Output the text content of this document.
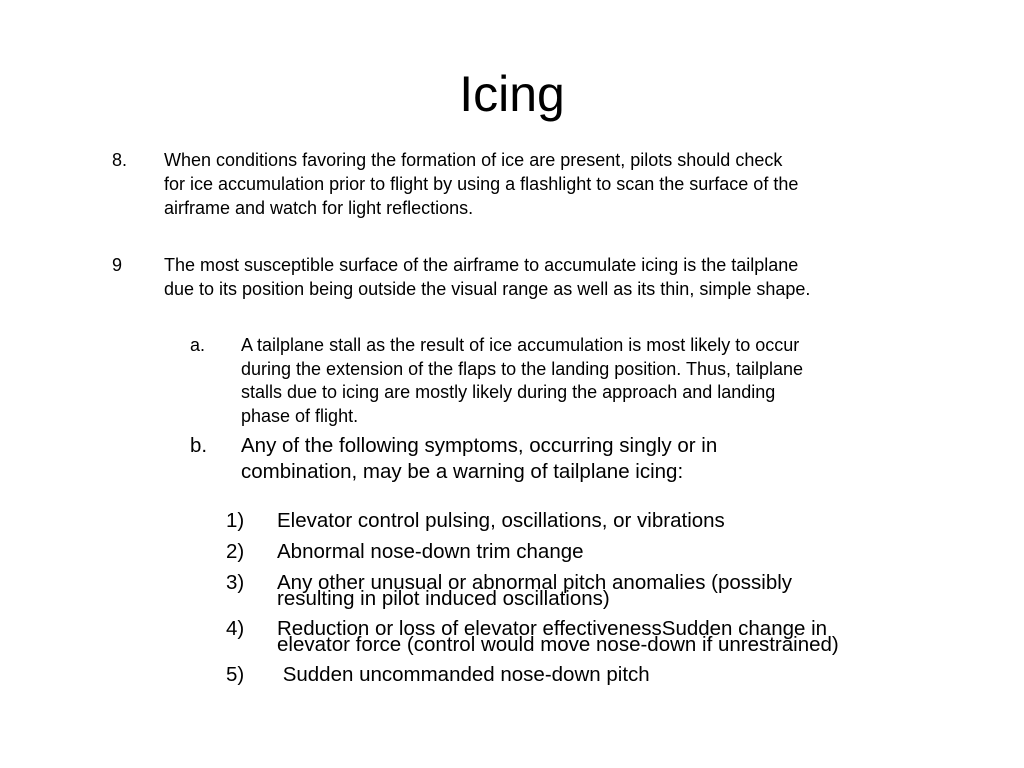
Icing
8. When conditions favoring the formation of ice are present, pilots should check
for ice accumulation prior to flight by using a flashlight to scan the surface of the
airframe and watch for light reflections.
9 The most susceptible surface of the airframe to accumulate icing is the tailplane
due to its position being outside the visual range as well as its thin, simple shape.
a. A tailplane stall as the result of ice accumulation is most likely to occur
during the extension of the flaps to the landing position. Thus, tailplane
stalls due to icing are mostly likely during the approach and landing
phase of flight.
b. Any of the following symptoms, occurring singly or in
combination, may be a warning of tailplane icing:
1) Elevator control pulsing, oscillations, or vibrations
2) Abnormal nose-down trim change
3) Any other unusual or abnormal pitch anomalies (possibly
resulting in pilot induced oscillations)
4) Reduction or loss of elevator effectivenessSudden change in
elevator force (control would move nose-down if unrestrained)
5) Sudden uncommanded nose-down pitch
